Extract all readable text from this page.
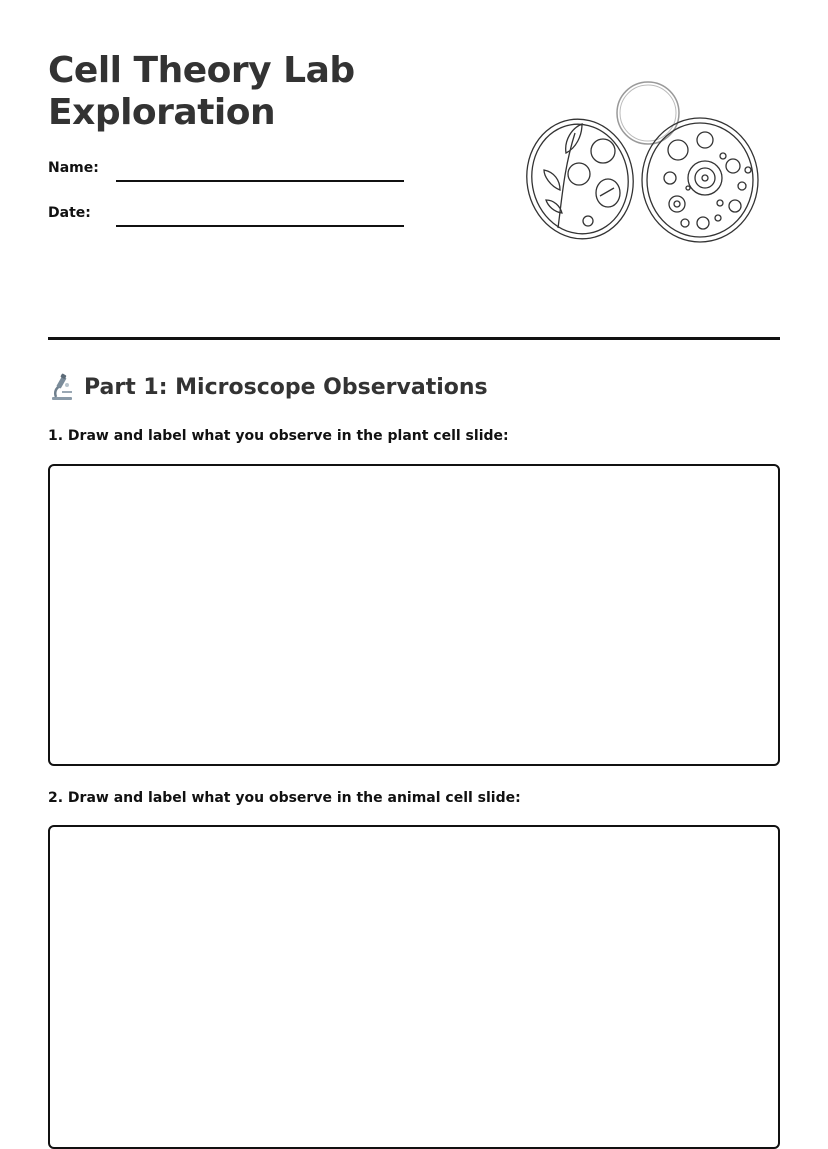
Cell Theory Lab
Exploration
Name:
Date:
Part 1: Microscope Observations

1. Draw and label what you observe in the plant cell slide:

2. Draw and label what you observe in the animal cell slide:
